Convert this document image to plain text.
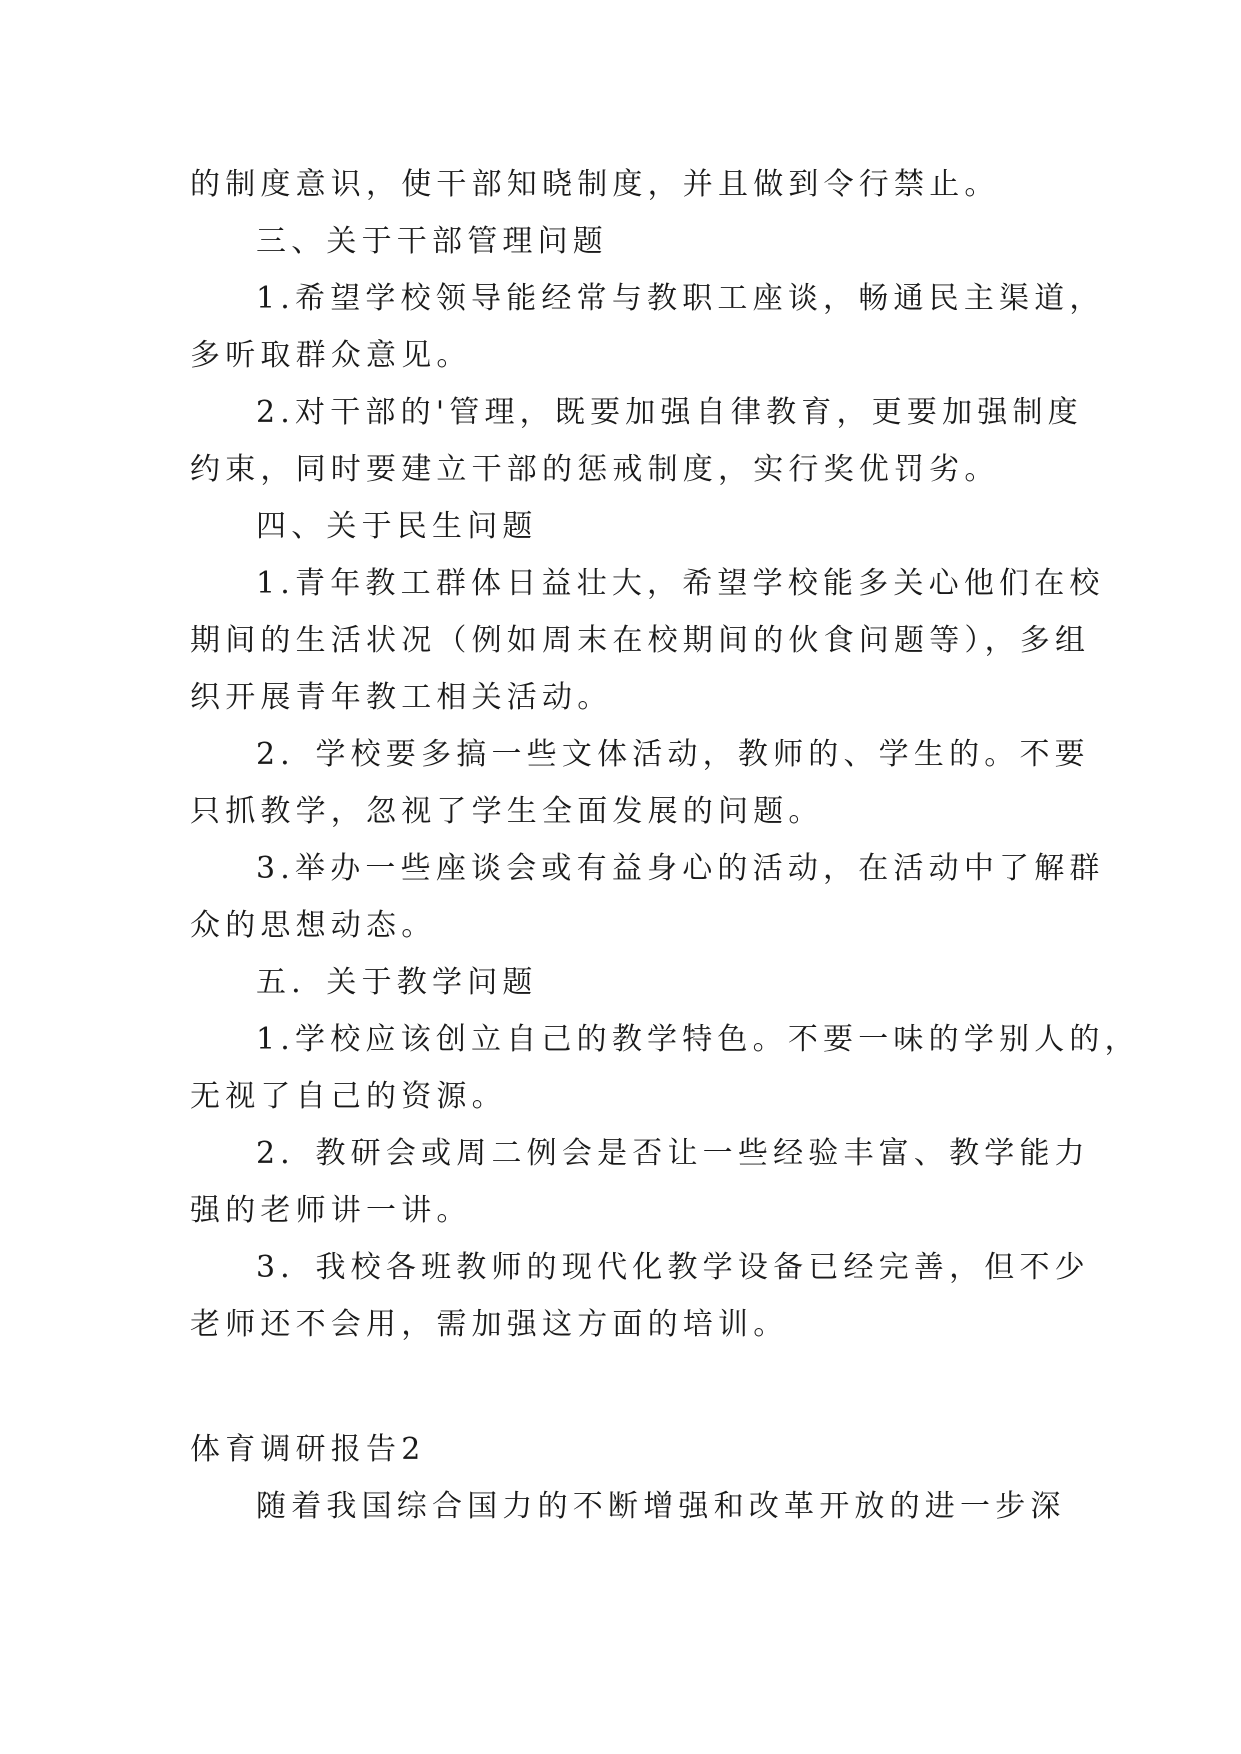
的制度意识，使干部知晓制度，并且做到令行禁止。
三、关于干部管理问题
1.希望学校领导能经常与教职工座谈，畅通民主渠道，
多听取群众意见。
2.对干部的'管理，既要加强自律教育，更要加强制度
约束，同时要建立干部的惩戒制度，实行奖优罚劣。
四、关于民生问题
1.青年教工群体日益壮大，希望学校能多关心他们在校
期间的生活状况（例如周末在校期间的伙食问题等），多组
织开展青年教工相关活动。
2．学校要多搞一些文体活动，教师的、学生的。不要
只抓教学，忽视了学生全面发展的问题。
3.举办一些座谈会或有益身心的活动，在活动中了解群
众的思想动态。
五．关于教学问题
1.学校应该创立自己的教学特色。不要一味的学别人的，
无视了自己的资源。
2．教研会或周二例会是否让一些经验丰富、教学能力
强的老师讲一讲。
3．我校各班教师的现代化教学设备已经完善，但不少
老师还不会用，需加强这方面的培训。
体育调研报告2
随着我国综合国力的不断增强和改革开放的进一步深
